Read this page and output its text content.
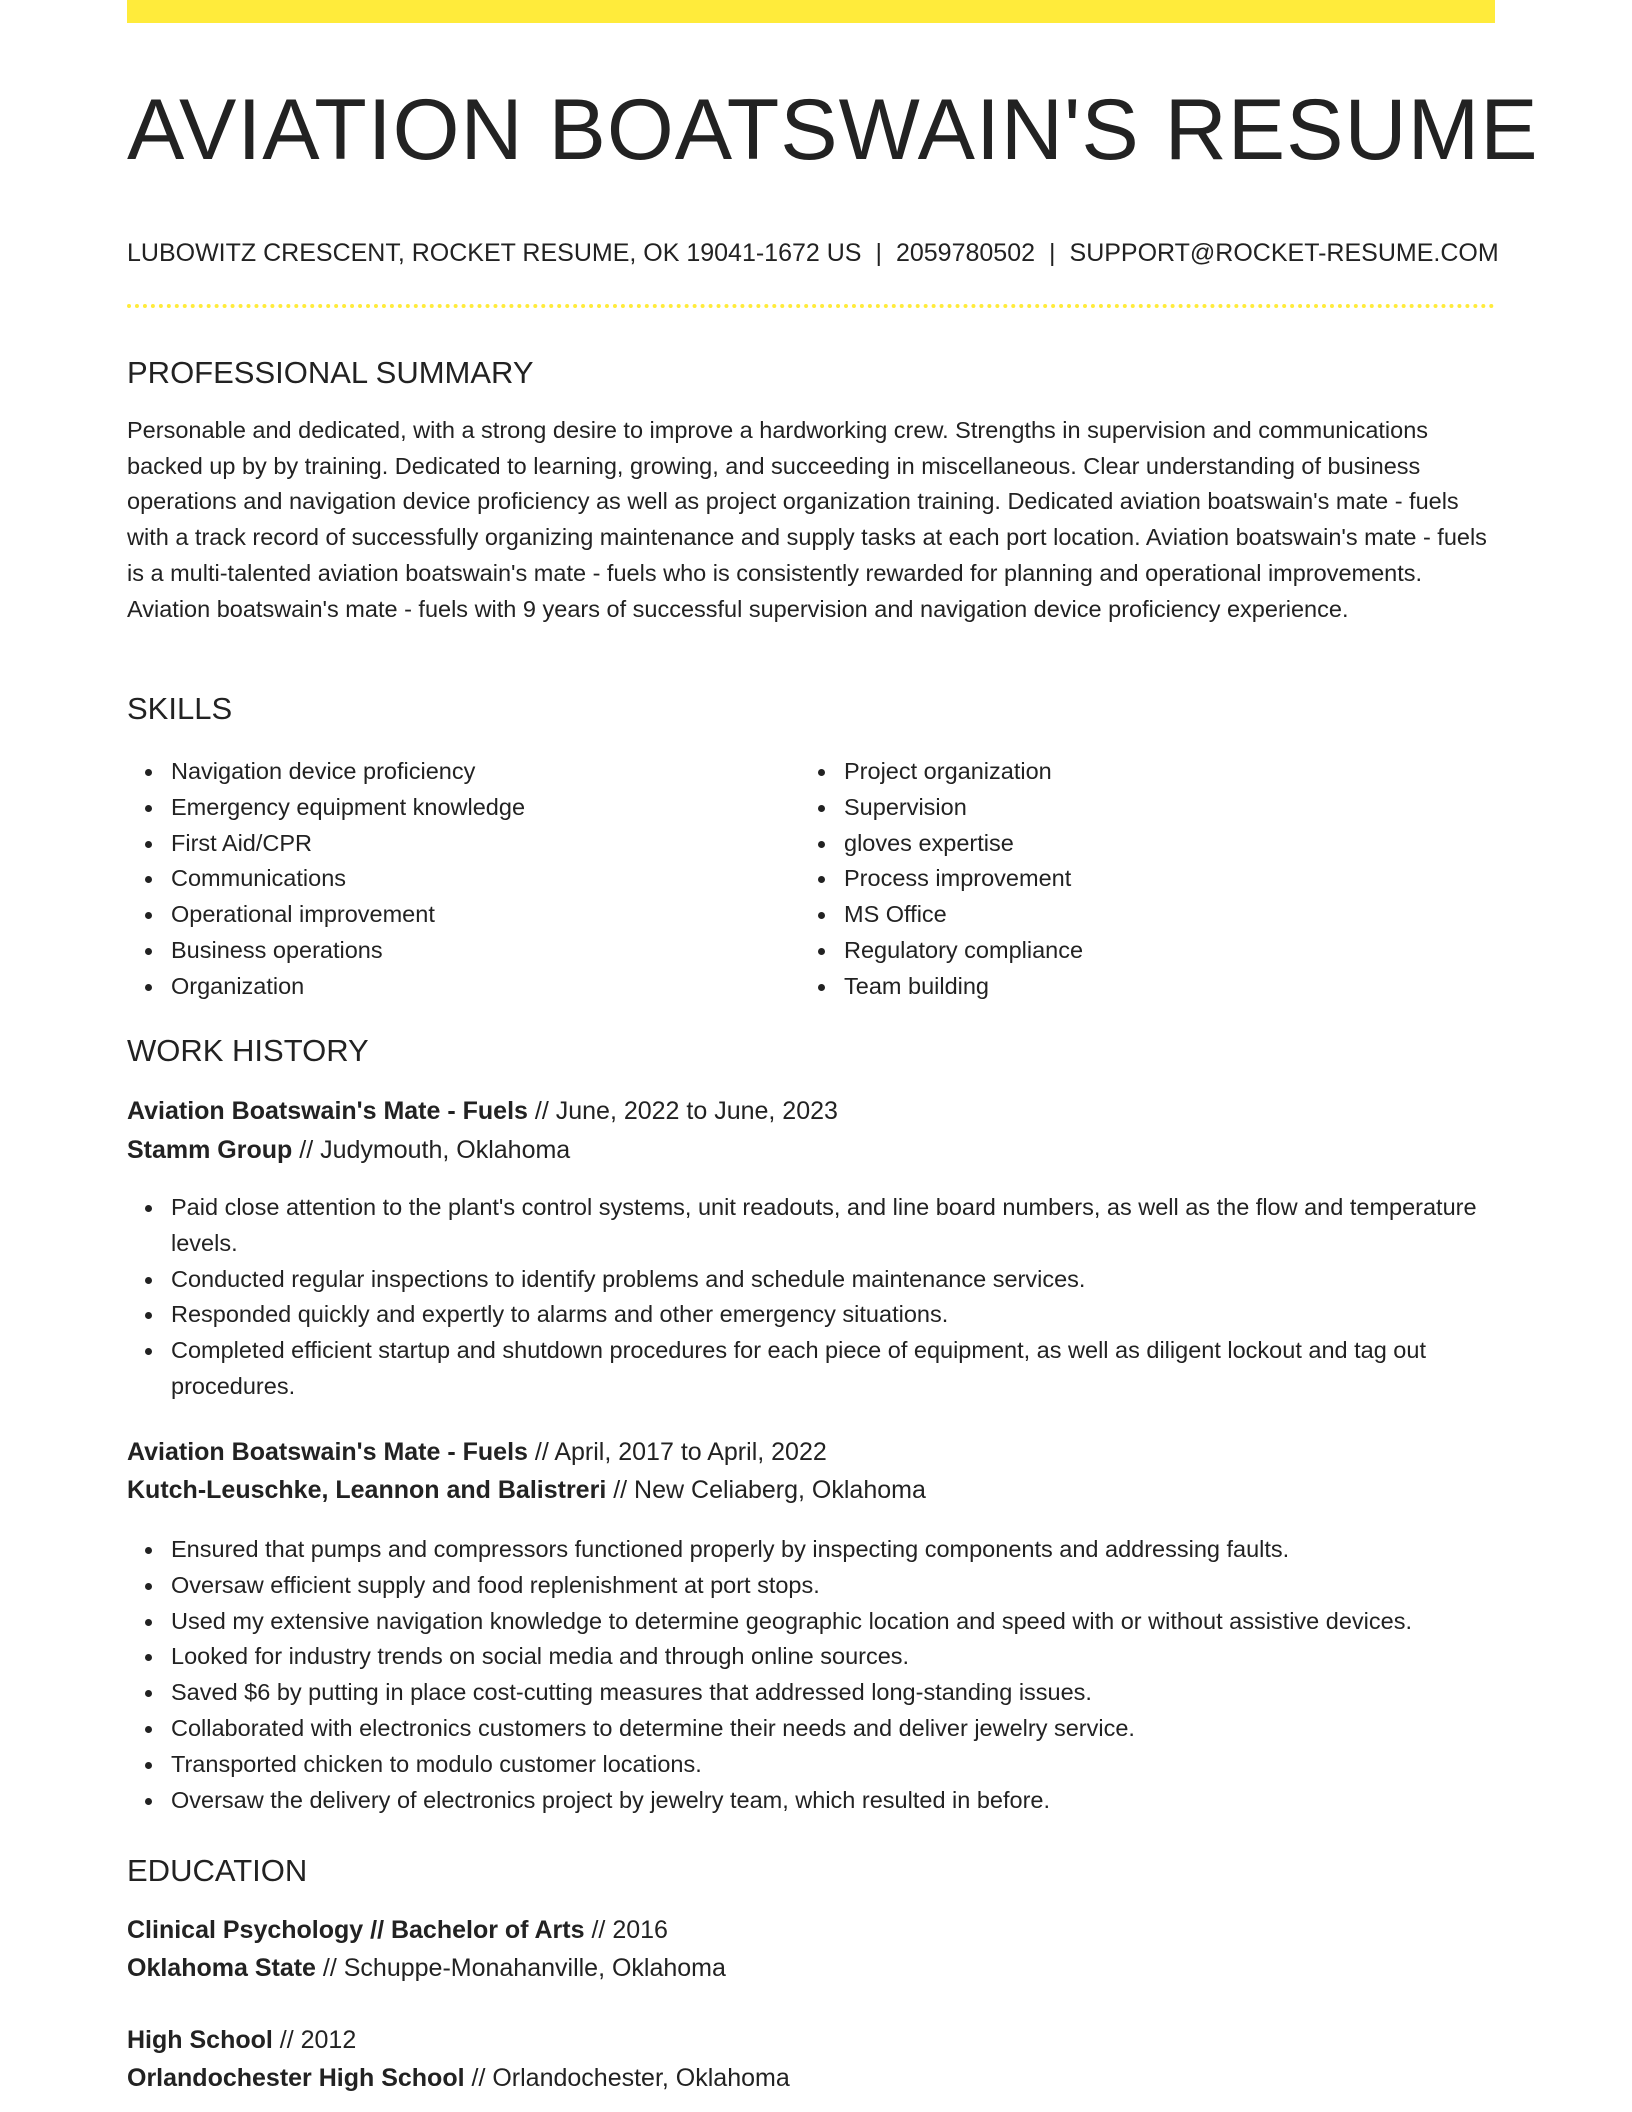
AVIATION BOATSWAIN'S RESUME
LUBOWITZ CRESCENT, ROCKET RESUME, OK 19041-1672 US | 2059780502 | SUPPORT@ROCKET-RESUME.COM
PROFESSIONAL SUMMARY
Personable and dedicated, with a strong desire to improve a hardworking crew. Strengths in supervision and communications backed up by by training. Dedicated to learning, growing, and succeeding in miscellaneous. Clear understanding of business operations and navigation device proficiency as well as project organization training. Dedicated aviation boatswain's mate - fuels with a track record of successfully organizing maintenance and supply tasks at each port location. Aviation boatswain's mate - fuels is a multi-talented aviation boatswain's mate - fuels who is consistently rewarded for planning and operational improvements. Aviation boatswain's mate - fuels with 9 years of successful supervision and navigation device proficiency experience.
SKILLS
Navigation device proficiency
Emergency equipment knowledge
First Aid/CPR
Communications
Operational improvement
Business operations
Organization
Project organization
Supervision
gloves expertise
Process improvement
MS Office
Regulatory compliance
Team building
WORK HISTORY
Aviation Boatswain's Mate - Fuels // June, 2022 to June, 2023
Stamm Group // Judymouth, Oklahoma
Paid close attention to the plant's control systems, unit readouts, and line board numbers, as well as the flow and temperature levels.
Conducted regular inspections to identify problems and schedule maintenance services.
Responded quickly and expertly to alarms and other emergency situations.
Completed efficient startup and shutdown procedures for each piece of equipment, as well as diligent lockout and tag out procedures.
Aviation Boatswain's Mate - Fuels // April, 2017 to April, 2022
Kutch-Leuschke, Leannon and Balistreri // New Celiaberg, Oklahoma
Ensured that pumps and compressors functioned properly by inspecting components and addressing faults.
Oversaw efficient supply and food replenishment at port stops.
Used my extensive navigation knowledge to determine geographic location and speed with or without assistive devices.
Looked for industry trends on social media and through online sources.
Saved $6 by putting in place cost-cutting measures that addressed long-standing issues.
Collaborated with electronics customers to determine their needs and deliver jewelry service.
Transported chicken to modulo customer locations.
Oversaw the delivery of electronics project by jewelry team, which resulted in before.
EDUCATION
Clinical Psychology // Bachelor of Arts // 2016
Oklahoma State // Schuppe-Monahanville, Oklahoma
High School // 2012
Orlandochester High School // Orlandochester, Oklahoma
